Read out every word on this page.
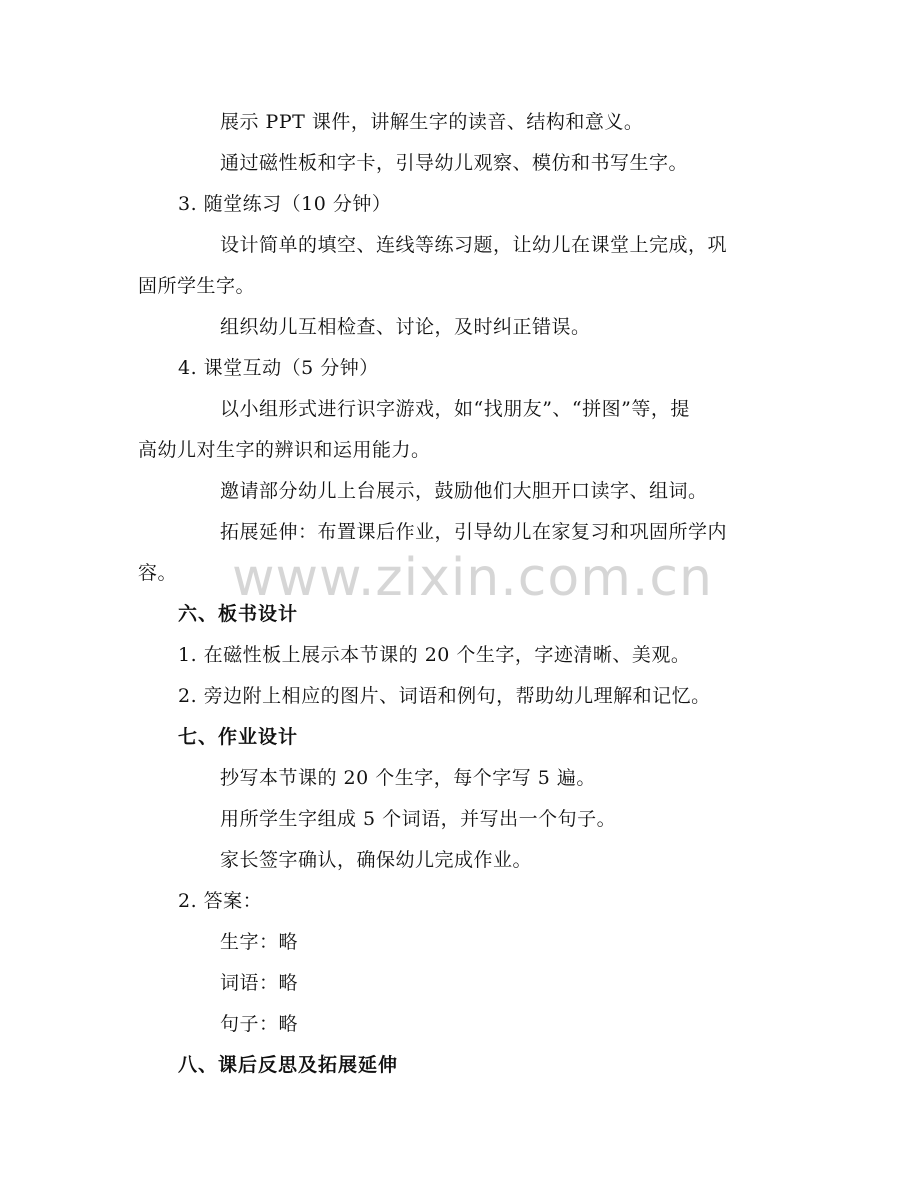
展示 PPT 课件，讲解生字的读音、结构和意义。
通过磁性板和字卡，引导幼儿观察、模仿和书写生字。
3. 随堂练习（10 分钟）
设计简单的填空、连线等练习题，让幼儿在课堂上完成，巩
固所学生字。
组织幼儿互相检查、讨论，及时纠正错误。
4. 课堂互动（5 分钟）
以小组形式进行识字游戏，如“找朋友”、“拼图”等，提
高幼儿对生字的辨识和运用能力。
邀请部分幼儿上台展示，鼓励他们大胆开口读字、组词。
拓展延伸：布置课后作业，引导幼儿在家复习和巩固所学内
容。
六、板书设计
1. 在磁性板上展示本节课的 20 个生字，字迹清晰、美观。
2. 旁边附上相应的图片、词语和例句，帮助幼儿理解和记忆。
七、作业设计
抄写本节课的 20 个生字，每个字写 5 遍。
用所学生字组成 5 个词语，并写出一个句子。
家长签字确认，确保幼儿完成作业。
2. 答案：
生字：略
词语：略
句子：略
八、课后反思及拓展延伸
www.zixin.com.cn
